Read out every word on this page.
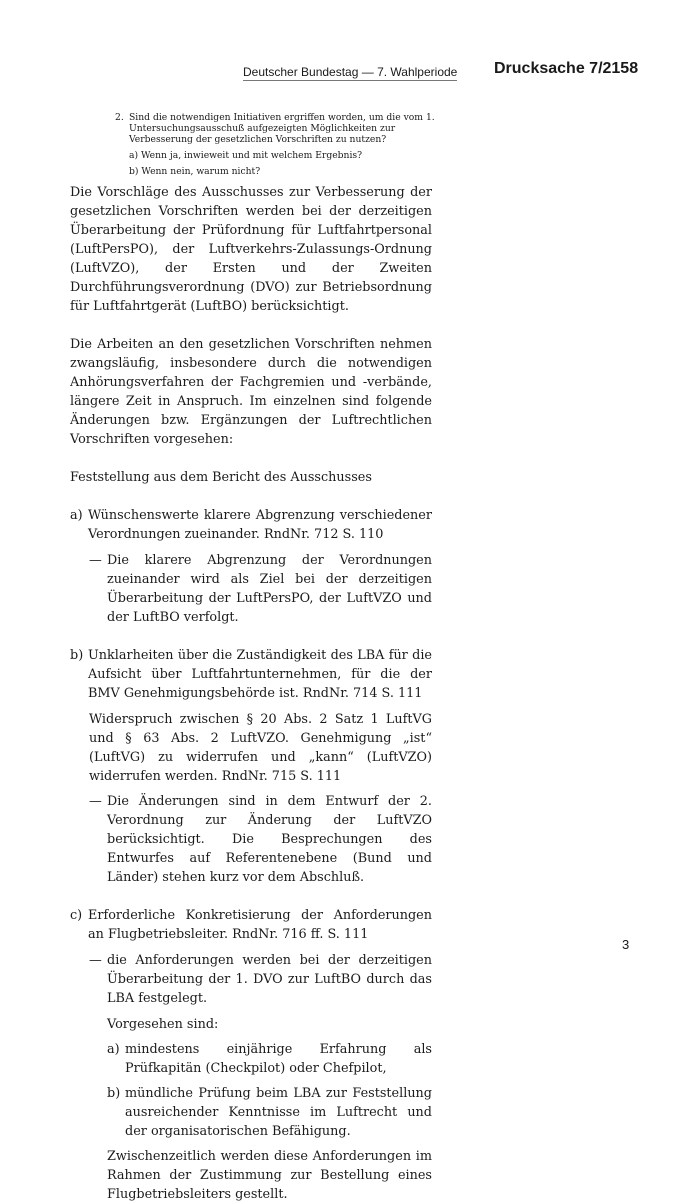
Deutscher Bundestag — 7. Wahlperiode Drucksache 7/2158

2. Sind die notwendigen Initiativen ergriffen worden, um die vom 1. Untersuchungsausschuß aufgezeigten Möglichkeiten zur Verbesserung der gesetzlichen Vorschriften zu nutzen?

a) Wenn ja, inwieweit und mit welchem Ergebnis?

b) Wenn nein, warum nicht?

Die Vorschläge des Ausschusses zur Verbesserung der gesetzlichen Vorschriften werden bei der derzeitigen Überarbeitung der Prüfordnung für Luftfahrtpersonal (LuftPersPO), der Luftverkehrs-Zulassungs-Ordnung (LuftVZO), der Ersten und der Zweiten Durchführungsverordnung (DVO) zur Betriebsordnung für Luftfahrtgerät (LuftBO) berücksichtigt.

Die Arbeiten an den gesetzlichen Vorschriften nehmen zwangsläufig, insbesondere durch die notwendigen Anhörungsverfahren der Fachgremien und -verbände, längere Zeit in Anspruch. Im einzelnen sind folgende Änderungen bzw. Ergänzungen der Luftrechtlichen Vorschriften vorgesehen:

Feststellung aus dem Bericht des Ausschusses

a) Wünschenswerte klarere Abgrenzung verschiedener Verordnungen zueinander. RndNr. 712 S. 110
— Die klarere Abgrenzung der Verordnungen zueinander wird als Ziel bei der derzeitigen Überarbeitung der LuftPersPO, der LuftVZO und der LuftBO verfolgt.
b) Unklarheiten über die Zuständigkeit des LBA für die Aufsicht über Luftfahrtunternehmen, für die der BMV Genehmigungsbehörde ist. RndNr. 714 S. 111

Widerspruch zwischen § 20 Abs. 2 Satz 1 LuftVG und § 63 Abs. 2 LuftVZO. Genehmigung „ist“ (LuftVG) zu widerrufen und „kann“ (LuftVZO) widerrufen werden. RndNr. 715 S. 111

— Die Änderungen sind in dem Entwurf der 2. Verordnung zur Änderung der LuftVZO berücksichtigt. Die Besprechungen des Entwurfes auf Referentenebene (Bund und Länder) stehen kurz vor dem Abschluß.
c) Erforderliche Konkretisierung der Anforderungen an Flugbetriebsleiter. RndNr. 716 ff. S. 111
— die Anforderungen werden bei der derzeitigen Überarbeitung der 1. DVO zur LuftBO durch das LBA festgelegt.

Vorgesehen sind:

a) mindestens einjährige Erfahrung als Prüfkapitän (Checkpilot) oder Chefpilot,
b) mündliche Prüfung beim LBA zur Feststellung ausreichender Kenntnisse im Luftrecht und der organisatorischen Befähigung.

Zwischenzeitlich werden diese Anforderungen im Rahmen der Zustimmung zur Bestellung eines Flugbetriebsleiters gestellt.

3
